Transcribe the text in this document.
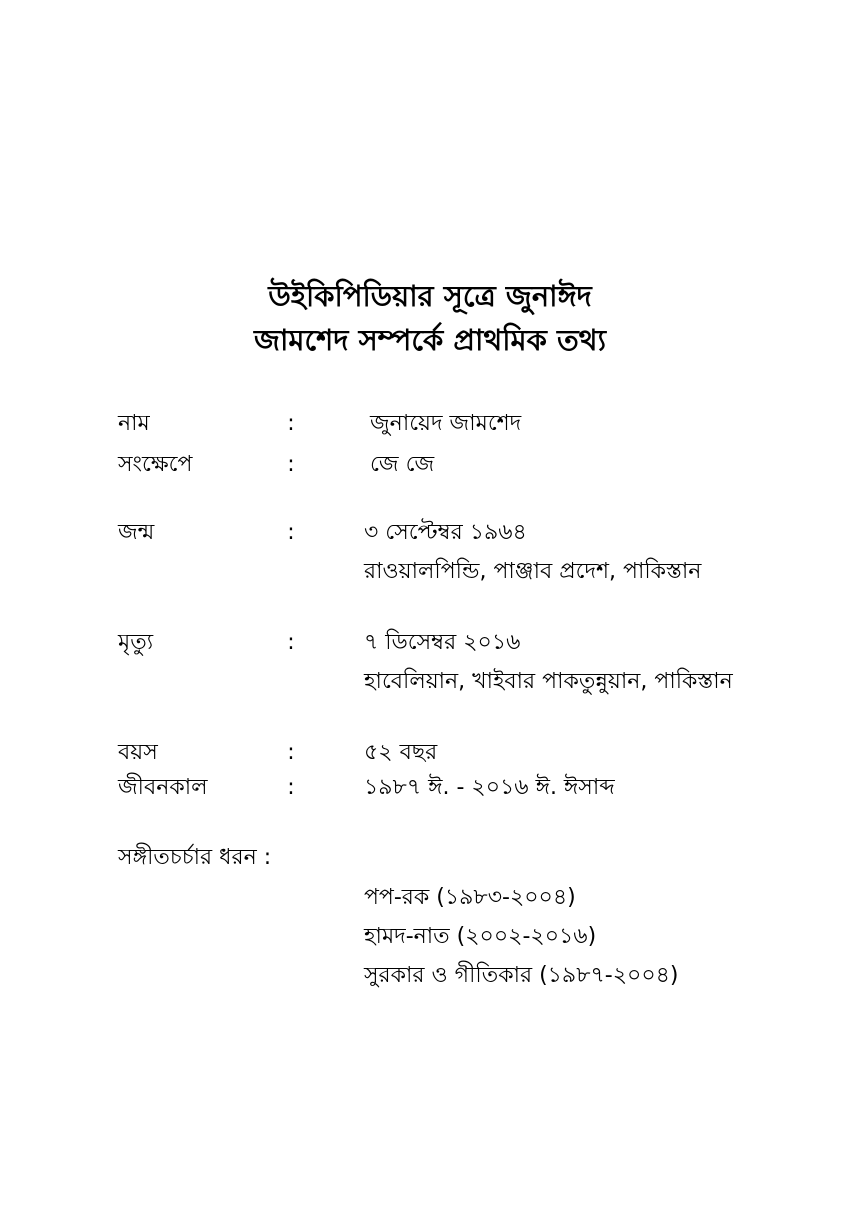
উইকিপিডিয়ার সূত্রে জুনাঈদ
জামশেদ সম্পর্কে প্রাথমিক তথ্য
নাম	:	জুনায়েদ জামশেদ
সংক্ষেপে	:	জে জে
জন্ম	:	৩ সেপ্টেম্বর ১৯৬৪
রাওয়ালপিন্ডি, পাঞ্জাব প্রদেশ, পাকিস্তান
মৃত্যু	:	৭ ডিসেম্বর ২০১৬
হাবেলিয়ান, খাইবার পাকতুন্নুয়ান, পাকিস্তান
বয়স	:	৫২ বছর
জীবনকাল	:	১৯৮৭ ঈ. - ২০১৬ ঈ. ঈসাব্দ
সঙ্গীতচর্চার ধরন :
পপ-রক (১৯৮৩-২০০৪)
হামদ-নাত (২০০২-২০১৬)
সুরকার ও গীতিকার (১৯৮৭-২০০৪)
